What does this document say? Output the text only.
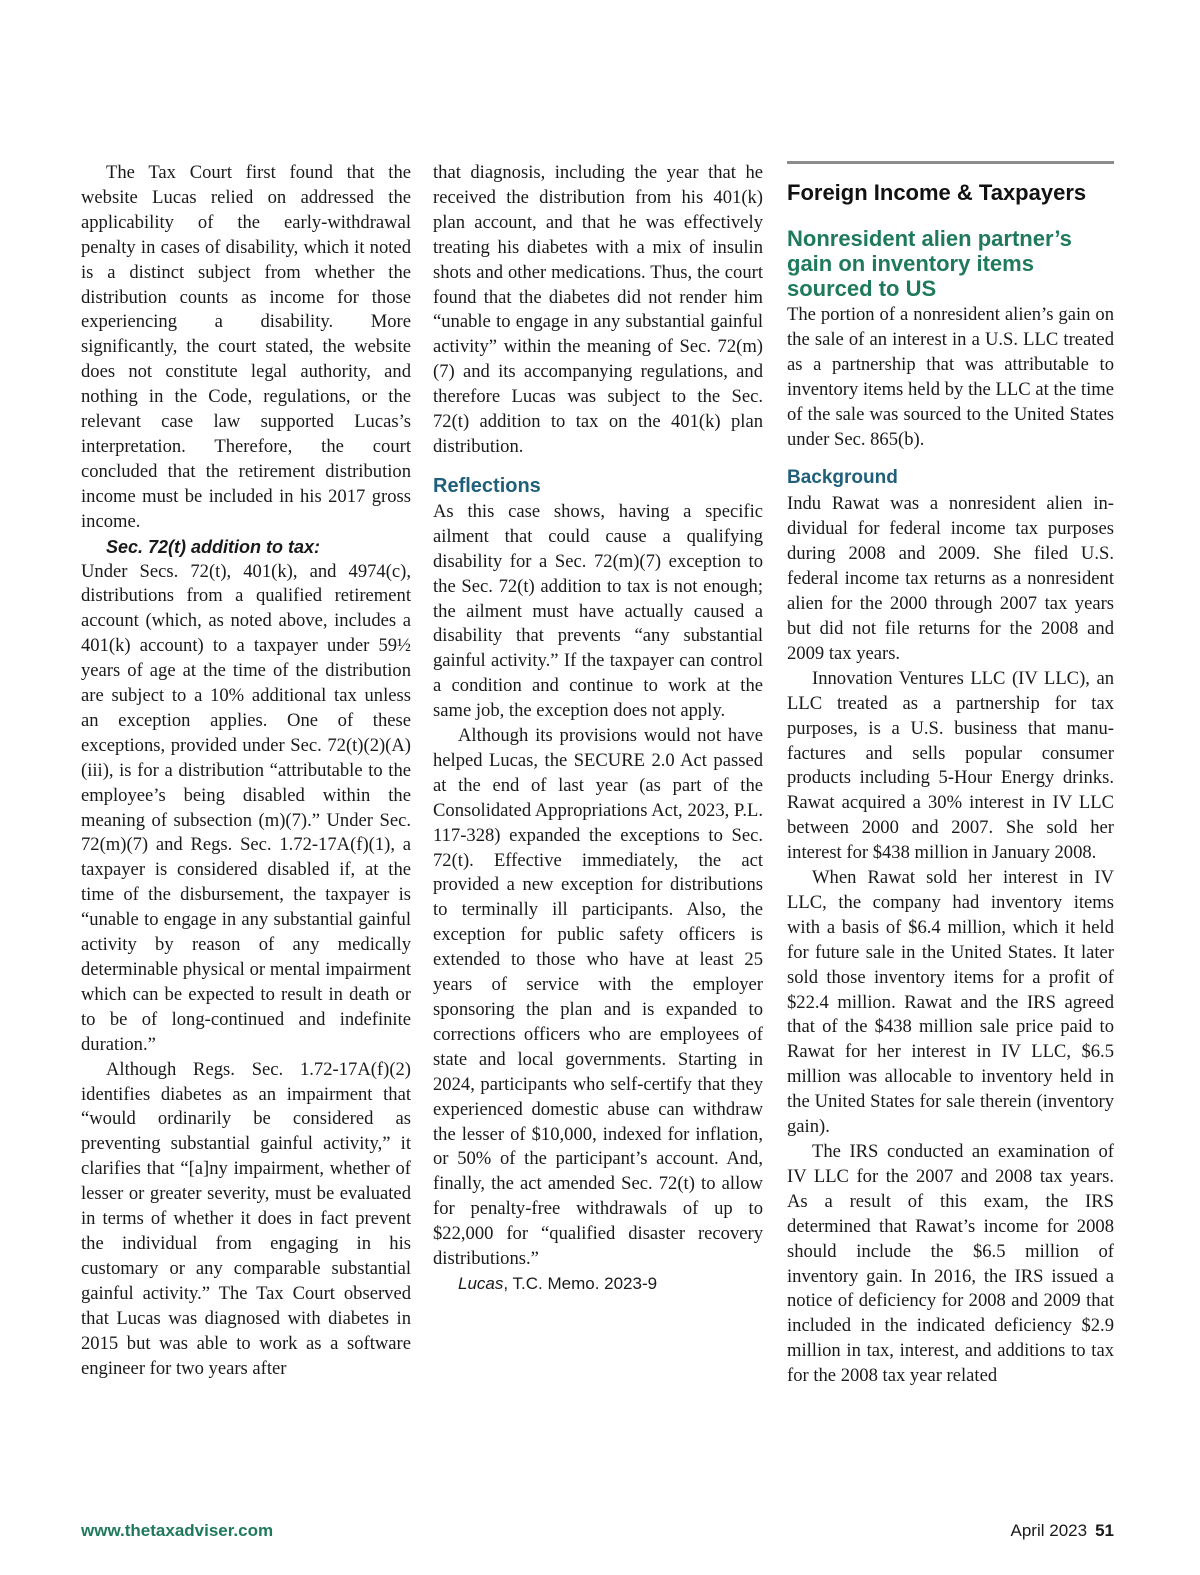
The Tax Court first found that the website Lucas relied on addressed the applicability of the early-withdrawal penalty in cases of disability, which it noted is a distinct subject from whether the distribution counts as income for those experiencing a disability. More significantly, the court stated, the website does not constitute legal authority, and nothing in the Code, regulations, or the relevant case law supported Lucas’s interpretation. Therefore, the court concluded that the retirement distribution income must be included in his 2017 gross income.

Sec. 72(t) addition to tax:

Under Secs. 72(t), 401(k), and 4974(c), distributions from a qualified retirement account (which, as noted above, includes a 401(k) account) to a taxpayer under 59½ years of age at the time of the distribution are subject to a 10% additional tax unless an exception applies. One of these exceptions, provided under Sec. 72(t)(2)(A)(iii), is for a distribution “attributable to the employee’s being disabled within the meaning of subsection (m)(7).” Under Sec. 72(m)(7) and Regs. Sec. 1.72-17A(f)(1), a taxpayer is considered disabled if, at the time of the disbursement, the taxpayer is “unable to engage in any substantial gainful activity by reason of any medically determinable physical or mental impairment which can be expected to result in death or to be of long-continued and indefinite duration.”

Although Regs. Sec. 1.72-17A(f)(2) identifies diabetes as an impairment that “would ordinarily be considered as preventing substantial gainful activity,” it clarifies that “[a]ny impairment, whether of lesser or greater severity, must be evaluated in terms of whether it does in fact prevent the individual from engaging in his customary or any comparable substantial gainful activity.” The Tax Court observed that Lucas was diagnosed with diabetes in 2015 but was able to work as a software engineer for two years after

that diagnosis, including the year that he received the distribution from his 401(k) plan account, and that he was effectively treating his diabetes with a mix of insulin shots and other medications. Thus, the court found that the diabetes did not render him “unable to engage in any substantial gainful activity” within the meaning of Sec. 72(m)(7) and its accompanying regulations, and therefore Lucas was subject to the Sec. 72(t) addition to tax on the 401(k) plan distribution.

Reflections

As this case shows, having a specific ailment that could cause a qualifying disability for a Sec. 72(m)(7) exception to the Sec. 72(t) addition to tax is not enough; the ailment must have actually caused a disability that prevents “any substantial gainful activity.” If the taxpayer can control a condition and continue to work at the same job, the exception does not apply.

Although its provisions would not have helped Lucas, the SECURE 2.0 Act passed at the end of last year (as part of the Consolidated Appropriations Act, 2023, P.L. 117-328) expanded the exceptions to Sec. 72(t). Effective immediately, the act provided a new exception for distributions to terminally ill participants. Also, the exception for public safety officers is extended to those who have at least 25 years of service with the employer sponsoring the plan and is expanded to corrections officers who are employees of state and local governments. Starting in 2024, participants who self-certify that they experienced domestic abuse can withdraw the lesser of $10,000, indexed for inflation, or 50% of the participant’s account. And, finally, the act amended Sec. 72(t) to allow for penalty-free withdrawals of up to $22,000 for “qualified disaster recovery distributions.”

Lucas, T.C. Memo. 2023-9
Foreign Income & Taxpayers
Nonresident alien partner’s gain on inventory items sourced to US

The portion of a nonresident alien’s gain on the sale of an interest in a U.S. LLC treated as a partnership that was attributable to inventory items held by the LLC at the time of the sale was sourced to the United States under Sec. 865(b).

Background

Indu Rawat was a nonresident alien individual for federal income tax purposes during 2008 and 2009. She filed U.S. federal income tax returns as a nonresident alien for the 2000 through 2007 tax years but did not file returns for the 2008 and 2009 tax years.

Innovation Ventures LLC (IV LLC), an LLC treated as a partnership for tax purposes, is a U.S. business that manufactures and sells popular consumer products including 5-Hour Energy drinks. Rawat acquired a 30% interest in IV LLC between 2000 and 2007. She sold her interest for $438 million in January 2008.

When Rawat sold her interest in IV LLC, the company had inventory items with a basis of $6.4 million, which it held for future sale in the United States. It later sold those inventory items for a profit of $22.4 million. Rawat and the IRS agreed that of the $438 million sale price paid to Rawat for her interest in IV LLC, $6.5 million was allocable to inventory held in the United States for sale therein (inventory gain).

The IRS conducted an examination of IV LLC for the 2007 and 2008 tax years. As a result of this exam, the IRS determined that Rawat’s income for 2008 should include the $6.5 million of inventory gain. In 2016, the IRS issued a notice of deficiency for 2008 and 2009 that included in the indicated deficiency $2.9 million in tax, interest, and additions to tax for the 2008 tax year related

www.thetaxadviser.com	April 2023 51
